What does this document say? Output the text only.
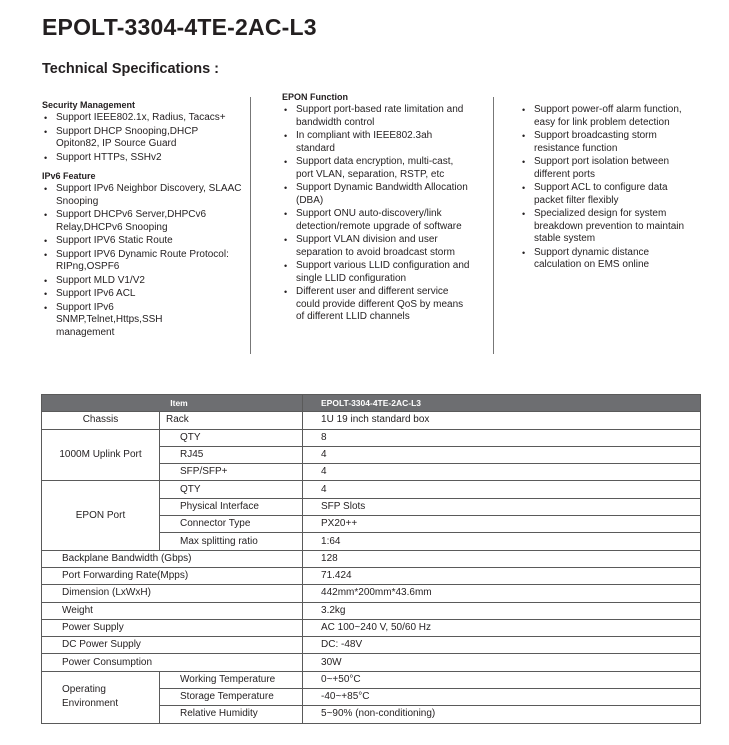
EPOLT-3304-4TE-2AC-L3
Technical Specifications :
Security Management
• Support IEEE802.1x, Radius, Tacacs+
• Support DHCP Snooping,DHCP Opiton82, IP Source Guard
• Support HTTPs, SSHv2
IPv6 Feature
• Support IPv6 Neighbor Discovery, SLAAC Snooping
• Support DHCPv6 Server,DHPCv6 Relay,DHCPv6 Snooping
• Support IPV6 Static Route
• Support IPV6 Dynamic Route Protocol: RIPng,OSPF6
• Support MLD V1/V2
• Support IPv6 ACL
• Support IPv6 SNMP,Telnet,Https,SSH management
EPON Function
• Support port-based rate limitation and bandwidth control
• In compliant with IEEE802.3ah standard
• Support data encryption, multi-cast, port VLAN, separation, RSTP, etc
• Support Dynamic Bandwidth Allocation (DBA)
• Support ONU auto-discovery/link detection/remote upgrade of software
• Support VLAN division and user separation to avoid broadcast storm
• Support various LLID configuration and single LLID configuration
• Different user and different service could provide different QoS by means of different LLID channels
• Support power-off alarm function, easy for link problem detection
• Support broadcasting storm resistance function
• Support port isolation between different ports
• Support ACL to configure data packet filter flexibly
• Specialized design for system breakdown prevention to maintain stable system
• Support dynamic distance calculation on EMS online
Item		EPOLT-3304-4TE-2AC-L3
Chassis	Rack	1U 19 inch standard box
1000M Uplink Port	QTY	8
	RJ45	4
	SFP/SFP+	4
EPON Port	QTY	4
	Physical Interface	SFP Slots
	Connector Type	PX20++
	Max splitting ratio	1:64
Backplane Bandwidth (Gbps)		128
Port Forwarding Rate(Mpps)		71.424
Dimension (LxWxH)		442mm*200mm*43.6mm
Weight		3.2kg
Power Supply		AC 100~240 V, 50/60 Hz
DC Power Supply		DC: -48V
Power Consumption		30W
Operating Environment	Working Temperature	0~+50°C
	Storage Temperature	-40~+85°C
	Relative Humidity	5~90% (non-conditioning)
